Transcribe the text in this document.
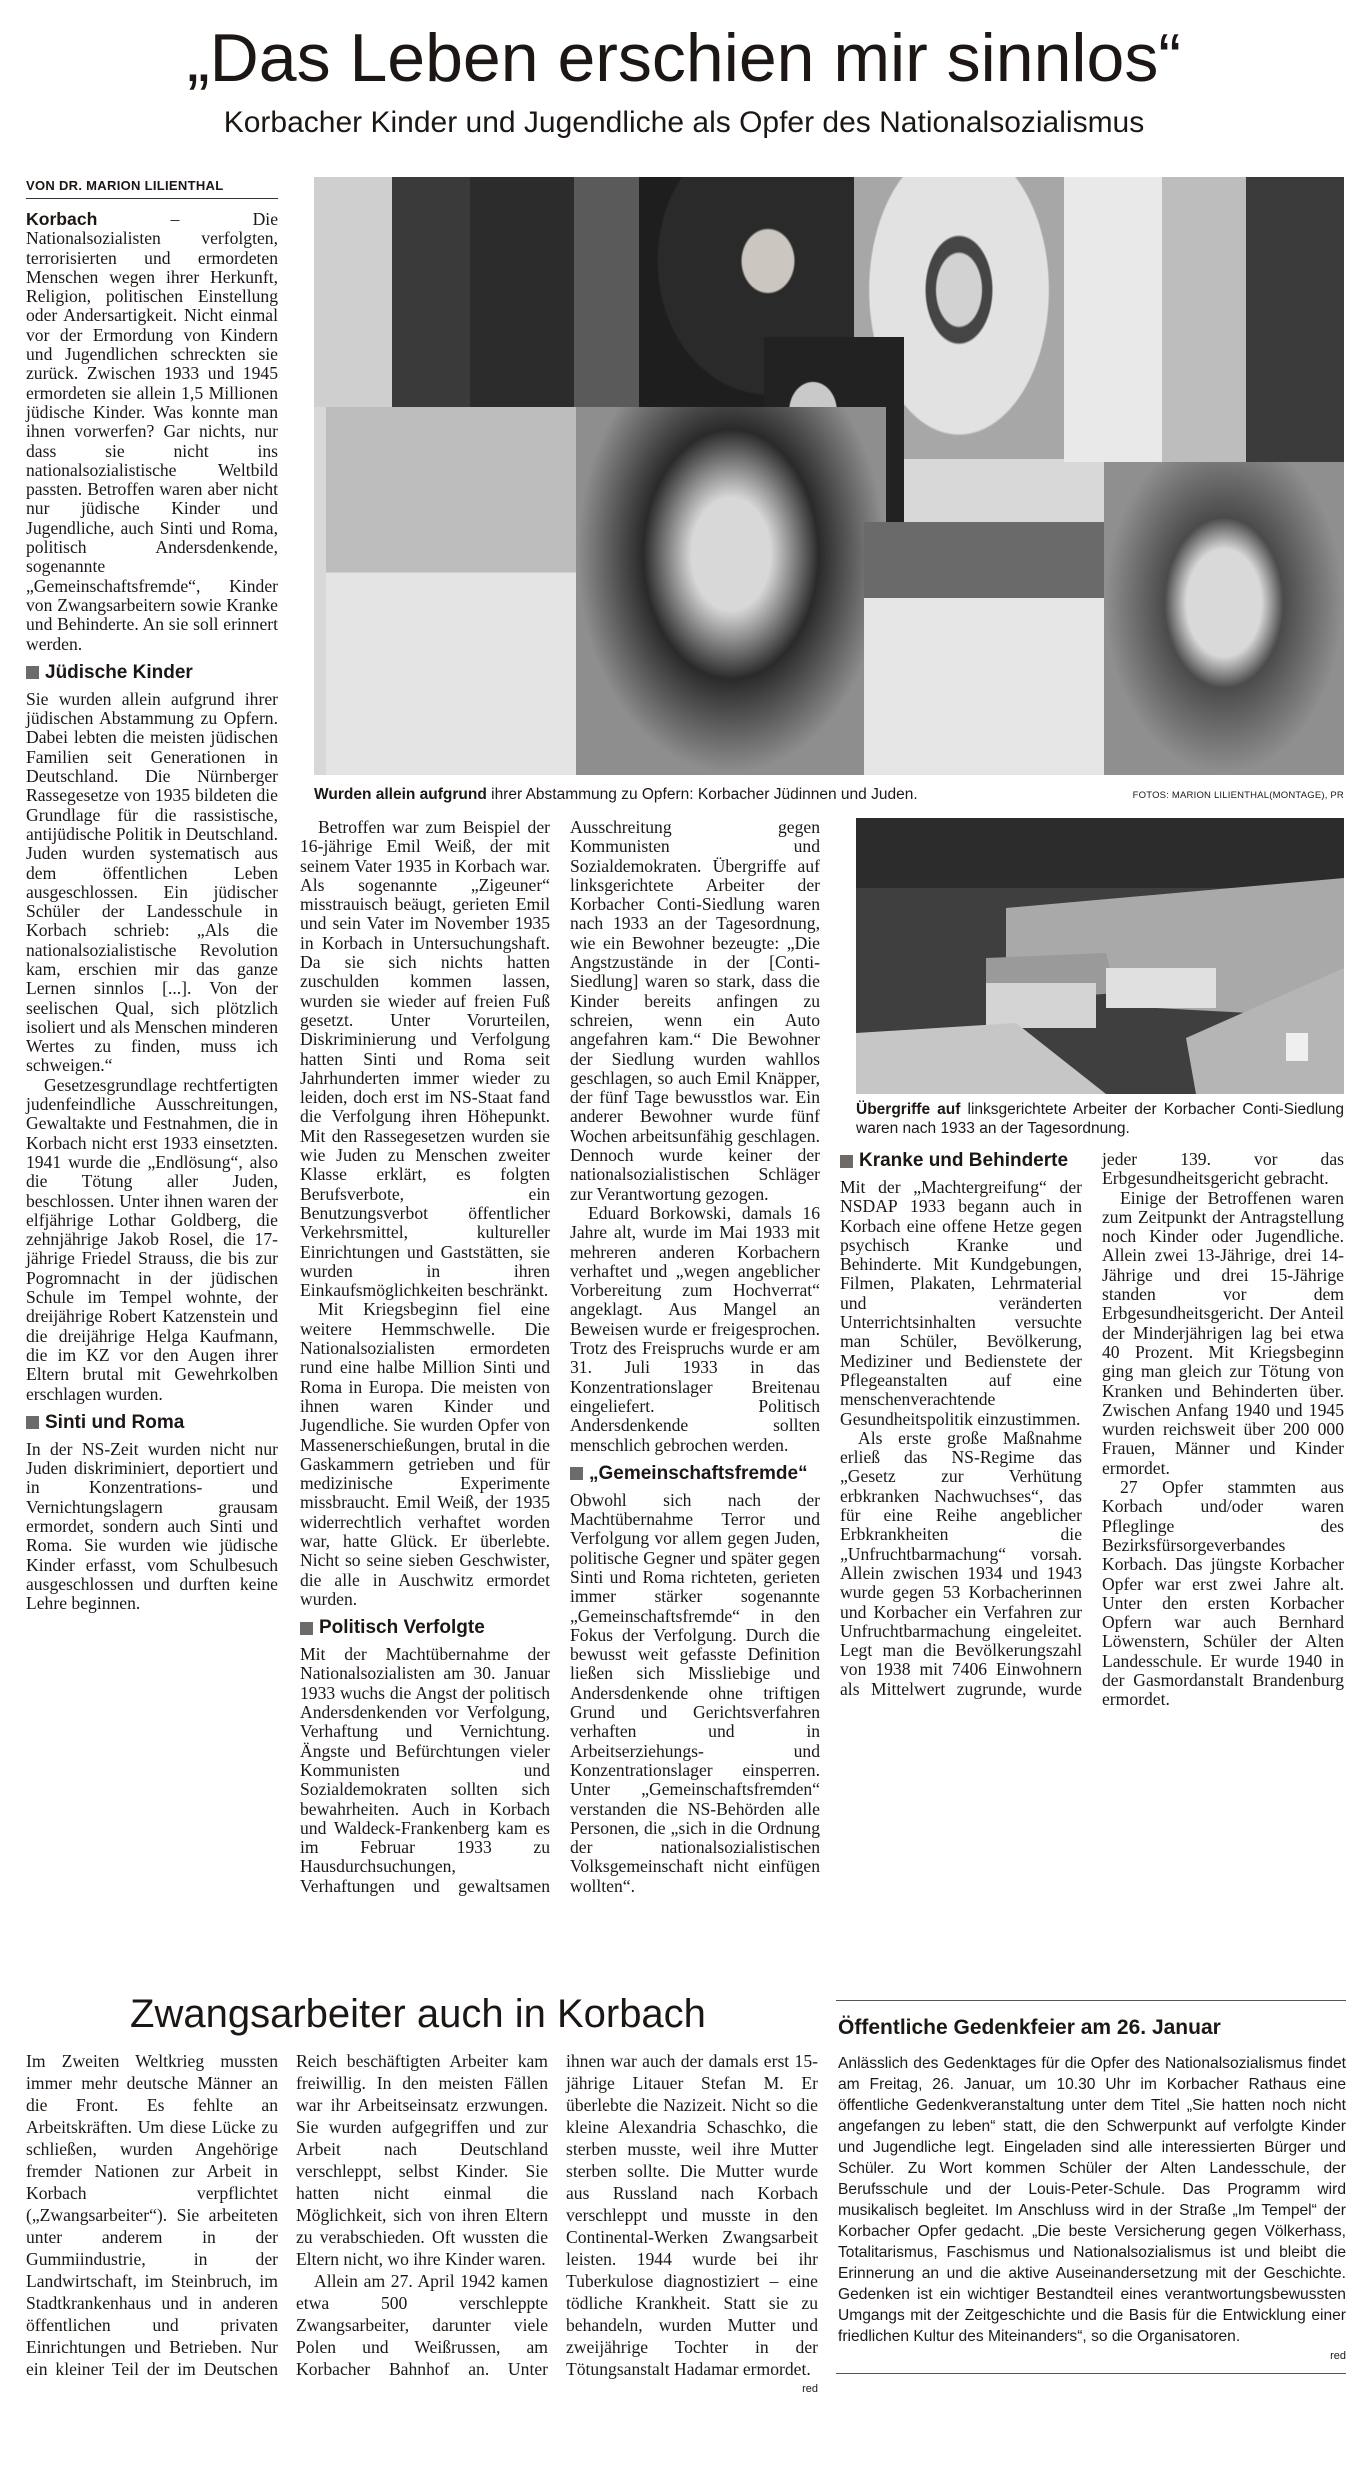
„Das Leben erschien mir sinnlos“
Korbacher Kinder und Jugendliche als Opfer des Nationalsozialismus
VON DR. MARION LILIENTHAL
Wurden allein aufgrund ihrer Abstammung zu Opfern: Korbacher Jüdinnen und Juden.	FOTOS: MARION LILIENTHAL(MONTAGE), PR

Korbach – Die Nationalsozialisten verfolgten, terrorisierten und ermordeten Menschen wegen ihrer Herkunft, Religion, politischen Einstellung oder Andersartigkeit. Nicht einmal vor der Ermordung von Kindern und Jugendlichen schreckten sie zurück. Zwischen 1933 und 1945 ermordeten sie allein 1,5 Millionen jüdische Kinder. Was konnte man ihnen vorwerfen? Gar nichts, nur dass sie nicht ins nationalsozialistische Weltbild passten. Betroffen waren aber nicht nur jüdische Kinder und Jugendliche, auch Sinti und Roma, politisch Andersdenkende, sogenannte „Gemeinschaftsfremde“, Kinder von Zwangsarbeitern sowie Kranke und Behinderte. An sie soll erinnert werden.

Jüdische Kinder

Sie wurden allein aufgrund ihrer jüdischen Abstammung zu Opfern. Dabei lebten die meisten jüdischen Familien seit Generationen in Deutschland. Die Nürnberger Rassegesetze von 1935 bildeten die Grundlage für die rassistische, antijüdische Politik in Deutschland. Juden wurden systematisch aus dem öffentlichen Leben ausgeschlossen. Ein jüdischer Schüler der Landesschule in Korbach schrieb: „Als die nationalsozialistische Revolution kam, erschien mir das ganze Lernen sinnlos [...]. Von der seelischen Qual, sich plötzlich isoliert und als Menschen minderen Wertes zu finden, muss ich schweigen.“

Gesetzesgrundlage rechtfertigten judenfeindliche Ausschreitungen, Gewaltakte und Festnahmen, die in Korbach nicht erst 1933 einsetzten. 1941 wurde die „Endlösung“, also die Tötung aller Juden, beschlossen. Unter ihnen waren der elfjährige Lothar Goldberg, die zehnjährige Jakob Rosel, die 17-jährige Friedel Strauss, die bis zur Pogromnacht in der jüdischen Schule im Tempel wohnte, der dreijährige Robert Katzenstein und die dreijährige Helga Kaufmann, die im KZ vor den Augen ihrer Eltern brutal mit Gewehrkolben erschlagen wurden.

Sinti und Roma

In der NS-Zeit wurden nicht nur Juden diskriminiert, deportiert und in Konzentrations- und Vernichtungslagern grausam ermordet, sondern auch Sinti und Roma. Sie wurden wie jüdische Kinder erfasst, vom Schulbesuch ausgeschlossen und durften keine Lehre beginnen.

Betroffen war zum Beispiel der 16-jährige Emil Weiß, der mit seinem Vater 1935 in Korbach war. Als sogenannte „Zigeuner“ misstrauisch beäugt, gerieten Emil und sein Vater im November 1935 in Korbach in Untersuchungshaft. Da sie sich nichts hatten zuschulden kommen lassen, wurden sie wieder auf freien Fuß gesetzt. Unter Vorurteilen, Diskriminierung und Verfolgung hatten Sinti und Roma seit Jahrhunderten immer wieder zu leiden, doch erst im NS-Staat fand die Verfolgung ihren Höhepunkt. Mit den Rassegesetzen wurden sie wie Juden zu Menschen zweiter Klasse erklärt, es folgten Berufsverbote, ein Benutzungsverbot öffentlicher Verkehrsmittel, kultureller Einrichtungen und Gaststätten, sie wurden in ihren Einkaufsmöglichkeiten beschränkt.

Mit Kriegsbeginn fiel eine weitere Hemmschwelle. Die Nationalsozialisten ermordeten rund eine halbe Million Sinti und Roma in Europa. Die meisten von ihnen waren Kinder und Jugendliche. Sie wurden Opfer von Massenerschießungen, brutal in die Gaskammern getrieben und für medizinische Experimente missbraucht. Emil Weiß, der 1935 widerrechtlich verhaftet worden war, hatte Glück. Er überlebte. Nicht so seine sieben Geschwister, die alle in Auschwitz ermordet wurden.

Politisch Verfolgte

Mit der Machtübernahme der Nationalsozialisten am 30. Januar 1933 wuchs die Angst der politisch Andersdenkenden vor Verfolgung, Verhaftung und Vernichtung. Ängste und Befürchtungen vieler Kommunisten und Sozialdemokraten sollten sich bewahrheiten. Auch in Korbach und Waldeck-Frankenberg kam es im Februar 1933 zu Hausdurchsuchungen, Verhaftungen und gewaltsamen Ausschreitung gegen Kommunisten und Sozialdemokraten. Übergriffe auf linksgerichtete Arbeiter der Korbacher Conti-Siedlung waren nach 1933 an der Tagesordnung, wie ein Bewohner bezeugte: „Die Angstzustände in der [Conti-Siedlung] waren so stark, dass die Kinder bereits anfingen zu schreien, wenn ein Auto angefahren kam.“ Die Bewohner der Siedlung wurden wahllos geschlagen, so auch Emil Knäpper, der fünf Tage bewusstlos war. Ein anderer Bewohner wurde fünf Wochen arbeitsunfähig geschlagen. Dennoch wurde keiner der nationalsozialistischen Schläger zur Verantwortung gezogen.

Eduard Borkowski, damals 16 Jahre alt, wurde im Mai 1933 mit mehreren anderen Korbachern verhaftet und „wegen angeblicher Vorbereitung zum Hochverrat“ angeklagt. Aus Mangel an Beweisen wurde er freigesprochen. Trotz des Freispruchs wurde er am 31. Juli 1933 in das Konzentrationslager Breitenau eingeliefert. Politisch Andersdenkende sollten menschlich gebrochen werden.

„Gemeinschaftsfremde“

Obwohl sich nach der Machtübernahme Terror und Verfolgung vor allem gegen Juden, politische Gegner und später gegen Sinti und Roma richteten, gerieten immer stärker sogenannte „Gemeinschaftsfremde“ in den Fokus der Verfolgung. Durch die bewusst weit gefasste Definition ließen sich Missliebige und Andersdenkende ohne triftigen Grund und Gerichtsverfahren verhaften und in Arbeitserziehungs- und Konzentrationslager einsperren. Unter „Gemeinschaftsfremden“ verstanden die NS-Behörden alle Personen, die „sich in die Ordnung der nationalsozialistischen Volksgemeinschaft nicht einfügen wollten“.

Übergriffe auf linksgerichtete Arbeiter der Korbacher Conti-Siedlung waren nach 1933 an der Tagesordnung.
Kranke und Behinderte

Mit der „Machtergreifung“ der NSDAP 1933 begann auch in Korbach eine offene Hetze gegen psychisch Kranke und Behinderte. Mit Kundgebungen, Filmen, Plakaten, Lehrmaterial und veränderten Unterrichtsinhalten versuchte man Schüler, Bevölkerung, Mediziner und Bedienstete der Pflegeanstalten auf eine menschenverachtende Gesundheitspolitik einzustimmen.

Als erste große Maßnahme erließ das NS-Regime das „Gesetz zur Verhütung erbkranken Nachwuchses“, das für eine Reihe angeblicher Erbkrankheiten die „Unfruchtbarmachung“ vorsah. Allein zwischen 1934 und 1943 wurde gegen 53 Korbacherinnen und Korbacher ein Verfahren zur Unfruchtbarmachung eingeleitet. Legt man die Bevölkerungszahl von 1938 mit 7406 Einwohnern als Mittelwert zugrunde, wurde jeder 139. vor das Erbgesundheitsgericht gebracht.

Einige der Betroffenen waren zum Zeitpunkt der Antragstellung noch Kinder oder Jugendliche. Allein zwei 13-Jährige, drei 14-Jährige und drei 15-Jährige standen vor dem Erbgesundheitsgericht. Der Anteil der Minderjährigen lag bei etwa 40 Prozent. Mit Kriegsbeginn ging man gleich zur Tötung von Kranken und Behinderten über. Zwischen Anfang 1940 und 1945 wurden reichsweit über 200 000 Frauen, Männer und Kinder ermordet.

27 Opfer stammten aus Korbach und/oder waren Pfleglinge des Bezirksfürsorgeverbandes Korbach. Das jüngste Korbacher Opfer war erst zwei Jahre alt. Unter den ersten Korbacher Opfern war auch Bernhard Löwenstern, Schüler der Alten Landesschule. Er wurde 1940 in der Gasmordanstalt Brandenburg ermordet.

Zwangsarbeiter auch in Korbach

Im Zweiten Weltkrieg mussten immer mehr deutsche Männer an die Front. Es fehlte an Arbeitskräften. Um diese Lücke zu schließen, wurden Angehörige fremder Nationen zur Arbeit in Korbach verpflichtet („Zwangsarbeiter“). Sie arbeiteten unter anderem in der Gummiindustrie, in der Landwirtschaft, im Steinbruch, im Stadtkrankenhaus und in anderen öffentlichen und privaten Einrichtungen und Betrieben. Nur ein kleiner Teil der im Deutschen Reich beschäftigten Arbeiter kam freiwillig. In den meisten Fällen war ihr Arbeitseinsatz erzwungen. Sie wurden aufgegriffen und zur Arbeit nach Deutschland verschleppt, selbst Kinder. Sie hatten nicht einmal die Möglichkeit, sich von ihren Eltern zu verabschieden. Oft wussten die Eltern nicht, wo ihre Kinder waren.

Allein am 27. April 1942 kamen etwa 500 verschleppte Zwangsarbeiter, darunter viele Polen und Weißrussen, am Korbacher Bahnhof an. Unter ihnen war auch der damals erst 15-jährige Litauer Stefan M. Er überlebte die Nazizeit. Nicht so die kleine Alexandria Schaschko, die sterben musste, weil ihre Mutter sterben sollte. Die Mutter wurde aus Russland nach Korbach verschleppt und musste in den Continental-Werken Zwangsarbeit leisten. 1944 wurde bei ihr Tuberkulose diagnostiziert – eine tödliche Krankheit. Statt sie zu behandeln, wurden Mutter und zweijährige Tochter in der Tötungsanstalt Hadamar ermordet.

red
Öffentliche Gedenkfeier am 26. Januar
Anlässlich des Gedenktages für die Opfer des Nationalsozialismus findet am Freitag, 26. Januar, um 10.30 Uhr im Korbacher Rathaus eine öffentliche Gedenkveranstaltung unter dem Titel „Sie hatten noch nicht angefangen zu leben“ statt, die den Schwerpunkt auf verfolgte Kinder und Jugendliche legt. Eingeladen sind alle interessierten Bürger und Schüler. Zu Wort kommen Schüler der Alten Landesschule, der Berufsschule und der Louis-Peter-Schule. Das Programm wird musikalisch begleitet. Im Anschluss wird in der Straße „Im Tempel“ der Korbacher Opfer gedacht. „Die beste Versicherung gegen Völkerhass, Totalitarismus, Faschismus und Nationalsozialismus ist und bleibt die Erinnerung an und die aktive Auseinandersetzung mit der Geschichte. Gedenken ist ein wichtiger Bestandteil eines verantwortungsbewussten Umgangs mit der Zeitgeschichte und die Basis für die Entwicklung einer friedlichen Kultur des Miteinanders“, so die Organisatoren.
red
